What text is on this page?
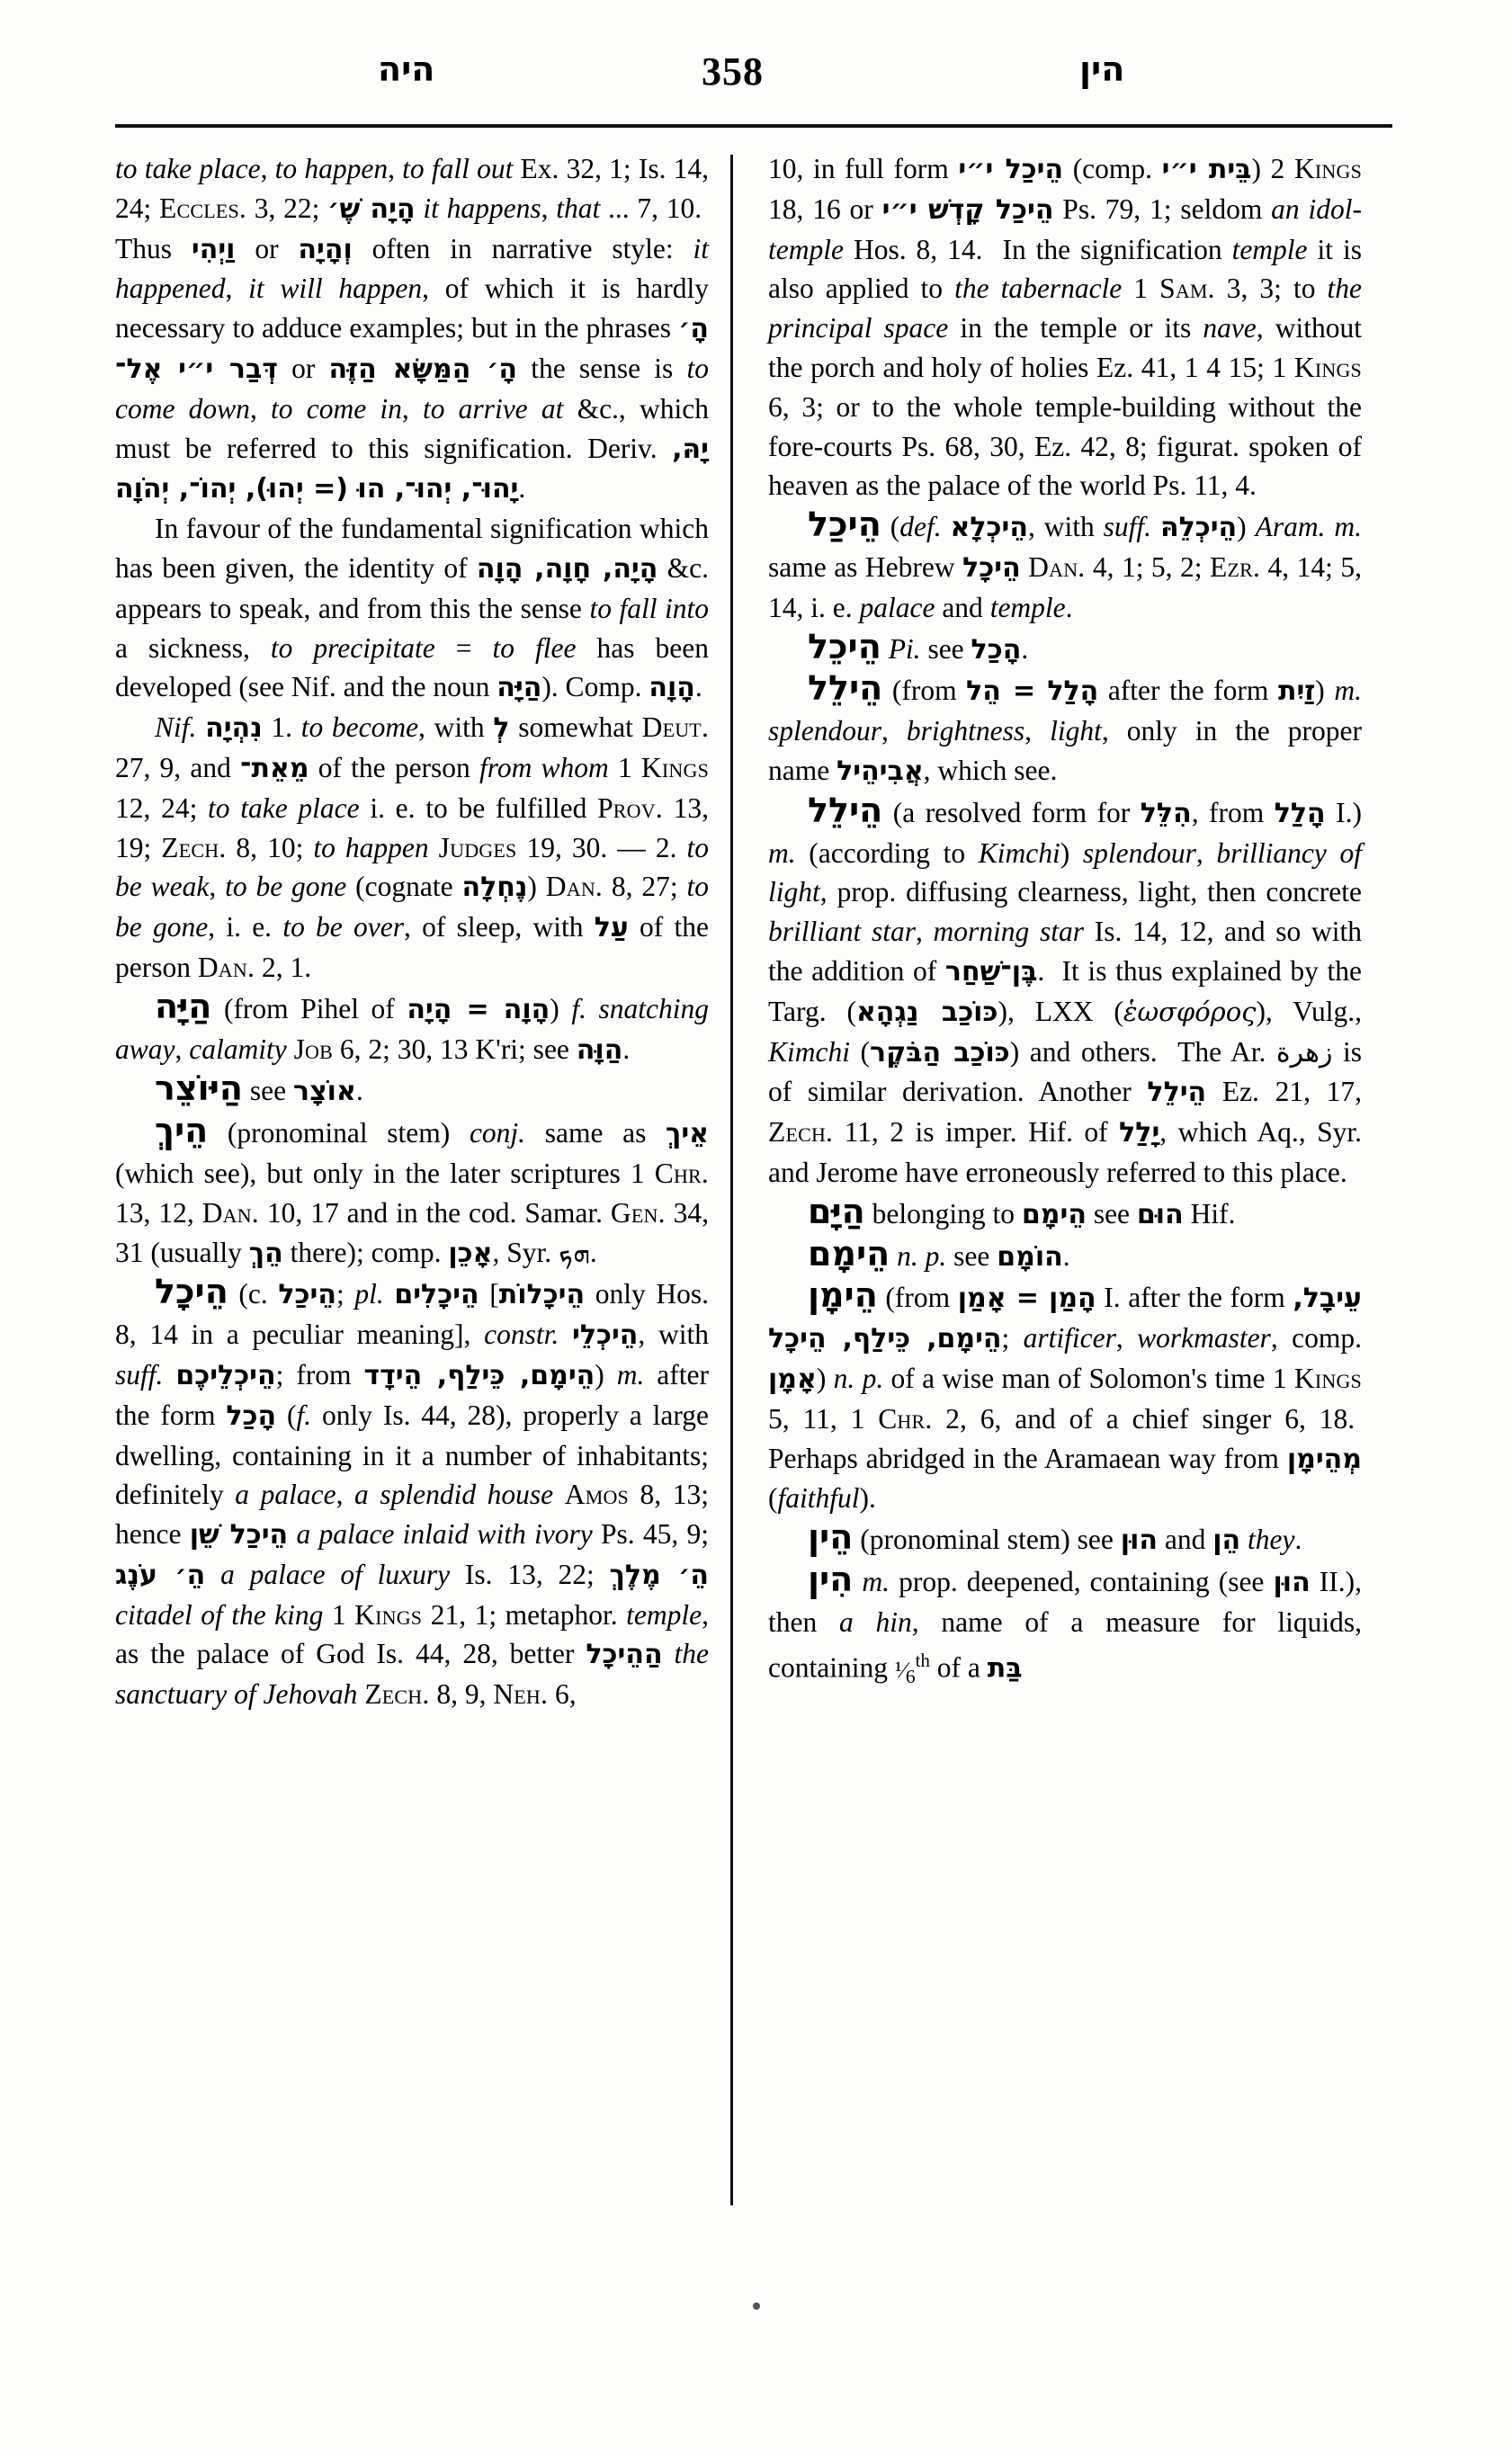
היה	358	הין

to take place, to happen, to fall out Ex. 32, 1; Is. 14, 24; Eccles. 3, 22; הָיָה שֶׁ׳ it happens, that ... 7, 10.  Thus וַיְהִי or וְהָיָה often in narrative style: it happened, it will happen, of which it is hardly necessary to adduce examples; but in the phrases הָ׳ דְּבַר י״י אֶל־ or הָ׳ הַמַּשָּׂא הַזֶּה the sense is to come down, to come in, to arrive at &c., which must be referred to this signification. Deriv. יָהּ, יָהוּ־, יְהוּ־, הוּ (= יְהוּ), יְהוֹ־, יְהֹוָה.

In favour of the fundamental signification which has been given, the identity of הָיָה, חָוָה, הָוָה &c. appears to speak, and from this the sense to fall into a sickness, to precipitate = to flee has been developed (see Nif. and the noun הַיָּה). Comp. הָוָה.

Nif. נִהְיָה 1. to become, with לְ somewhat Deut. 27, 9, and מֵאֵת־ of the person from whom 1 Kings 12, 24; to take place i. e. to be fulfilled Prov. 13, 19; Zech. 8, 10; to happen Judges 19, 30. — 2. to be weak, to be gone (cognate נֶחְלָה) Dan. 8, 27; to be gone, i. e. to be over, of sleep, with עַל of the person Dan. 2, 1.

הַיָּה (from Pihel of הָוָה = הָיָה) f. snatching away, calamity Job 6, 2; 30, 13 K'ri; see הַוָּה.

הַיּוֹצֵר see אוֹצָר.

הֵיךְ (pronominal stem) conj. same as אֵיךְ (which see), but only in the later scriptures 1 Chr. 13, 12, Dan. 10, 17 and in the cod. Samar. Gen. 34, 31 (usually הֵךְ there); comp. אָכֵן, Syr. ܗܟ.

הֵיכָל (c. הֵיכַל; pl. הֵיכָלִים [הֵיכָלוֹת only Hos. 8, 14 in a peculiar meaning], constr. הֵיכְלֵי, with suff. הֵיכְלֵיכֶם; from הֵימָם, כֵּילַף, הֵידָד) m. after the form הָכַל (f. only Is. 44, 28), properly a large dwelling, containing in it a number of inhabitants; definitely a palace, a splendid house Amos 8, 13; hence הֵיכַל שֵׁן a palace inlaid with ivory Ps. 45, 9; הֵ׳ עֹנֶג a palace of luxury Is. 13, 22; הֵ׳ מֶלֶךְ citadel of the king 1 Kings 21, 1; metaphor. temple, as the palace of God Is. 44, 28, better הַהֵיכָל the sanctuary of Jehovah Zech. 8, 9, Neh. 6,

10, in full form הֵיכַל י״י (comp. בֵּית י״י) 2 Kings 18, 16 or הֵיכַל קָדְשׁ י״י Ps. 79, 1; seldom an idol-temple Hos. 8, 14.  In the signification temple it is also applied to the tabernacle 1 Sam. 3, 3; to the principal space in the temple or its nave, without the porch and holy of holies Ez. 41, 1 4 15; 1 Kings 6, 3; or to the whole temple-building without the fore-courts Ps. 68, 30, Ez. 42, 8; figurat. spoken of heaven as the palace of the world Ps. 11, 4.

הֵיכַל (def. הֵיכְלָא, with suff. הֵיכְלֵהּ) Aram. m. same as Hebrew הֵיכָל Dan. 4, 1; 5, 2; Ezr. 4, 14; 5, 14, i. e. palace and temple.

הֵיכֵל Pi. see הָכַל.

הֵילֵל (from הָלַל = הֵל after the form זַיִת) m. splendour, brightness, light, only in the proper name אֲבִיהֵיל, which see.

הֵילֵל (a resolved form for הִלֵּל, from הָלַל I.) m. (according to Kimchi) splendour, brilliancy of light, prop. diffusing clearness, light, then concrete brilliant star, morning star Is. 14, 12, and so with the addition of בֶּן־שַׁחַר.  It is thus explained by the Targ. (כּוֹכַב נַגְהָא), LXX (ἑωσφόρος), Vulg., Kimchi (כּוֹכַב הַבֹּקֶר) and others.  The Ar. زهرة is of similar derivation. Another הֵילֵל Ez. 21, 17, Zech. 11, 2 is imper. Hif. of יָלַל, which Aq., Syr. and Jerome have erroneously referred to this place.

הַיָּם belonging to הֵימָם see הוּם Hif.

הֵימָם n. p. see הוֹמָם.

הֵימָן (from הָמַן = אָמַן I. after the form עֵיבָל, הֵימָם, כֵּילַף, הֵיכָל; artificer, workmaster, comp. אָמָן) n. p. of a wise man of Solomon's time 1 Kings 5, 11, 1 Chr. 2, 6, and of a chief singer 6, 18.  Perhaps abridged in the Aramaean way from מְהֵימָן (faithful).

הֵין (pronominal stem) see הוּן and הֵן they.

הִין m. prop. deepened, containing (see הוּן II.), then a hin, name of a measure for liquids, containing $^1⁄_6^{th}$ of a בַּת
